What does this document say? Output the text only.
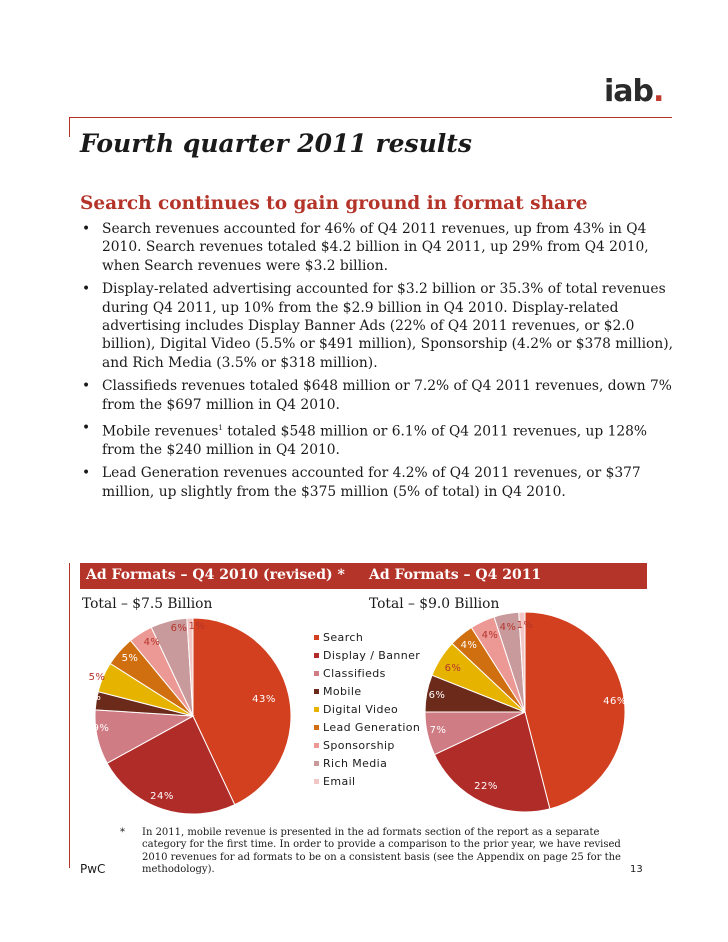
iab.
Fourth quarter 2011 results
Search continues to gain ground in format share
• Search revenues accounted for 46% of Q4 2011 revenues, up from 43% in Q4 2010. Search revenues totaled $4.2 billion in Q4 2011, up 29% from Q4 2010, when Search revenues were $3.2 billion.
• Display-related advertising accounted for $3.2 billion or 35.3% of total revenues during Q4 2011, up 10% from the $2.9 billion in Q4 2010. Display-related advertising includes Display Banner Ads (22% of Q4 2011 revenues, or $2.0 billion), Digital Video (5.5% or $491 million), Sponsorship (4.2% or $378 million), and Rich Media (3.5% or $318 million).
• Classifieds revenues totaled $648 million or 7.2% of Q4 2011 revenues, down 7% from the $697 million in Q4 2010.
• Mobile revenues$^1$ totaled $548 million or 6.1% of Q4 2011 revenues, up 128% from the $240 million in Q4 2010.
• Lead Generation revenues accounted for 4.2% of Q4 2011 revenues, or $377 million, up slightly from the $375 million (5% of total) in Q4 2010.
Ad Formats – Q4 2010 (revised) * Ad Formats – Q4 2011
Total – $7.5 Billion	Total – $9.0 Billion
43%
24%
9%
3%
5%
5%
4%
6% 1%
46%
22%
7%
6%
6%
4%
4%
4% 1%
Search
Display / Banner
Classifieds
Mobile
Digital Video
Lead Generation
Sponsorship
Rich Media
Email
* In 2011, mobile revenue is presented in the ad formats section of the report as a separate category for the first time. In order to provide a comparison to the prior year, we have revised 2010 revenues for ad formats to be on a consistent basis (see the Appendix on page 25 for the methodology).
PwC	13
